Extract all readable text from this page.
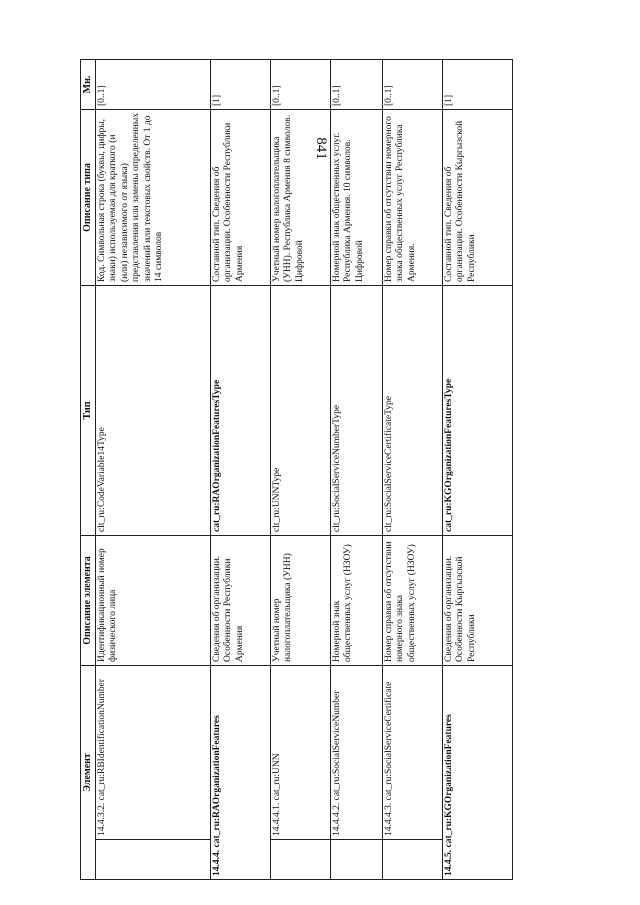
841
Элемент		Описание элемента	Тип	Описание типа	Мн.
	14.4.3.2. cat_ru:RBIdentificationNumber	Идентификационный номер физического лица	clt_ru:CodeVariable14Type	Код. Символьная строка (буквы, цифры, знаки) используемая для краткого (и (или) независимого от языка) представления или замены определенных значений или текстовых свойств. От 1 до 14 символов	[0..1]
14.4.4. cat_ru:RAOrganizationFeatures		Сведения об организации. Особенности Республики Армения	cat_ru:RAOrganizationFeaturesType	Составной тип. Сведения об организации. Особенности Республики Армения	[1]
	14.4.4.1. cat_ru:UNN	Учетный номер налогоплательщика (УНН)	clt_ru:UNNType	Учетный номер налогоплательщика (УНН). Республика Армения 8 символов. Цифровой	[0..1]
	14.4.4.2. cat_ru:SocialServiceNumber	Номерной знак общественных услуг (НЗОУ)	clt_ru:SocialServiceNumberType	Номерной знак общественных услуг. Республика Армения. 10 символов. Цифровой	[0..1]
	14.4.4.3. cat_ru:SocialServiceCertificate	Номер справки об отсутствии номерного знака общественных услуг (НЗОУ)	clt_ru:SocialServiceCertificateType	Номер справки об отсутствии номерного знака общественных услуг Республика Армения.	[0..1]
14.4.5. cat_ru:KGOrganizationFeatures		Сведения об организации. Особенности Кыргызской Республики	cat_ru:KGOrganizationFeaturesType	Составной тип. Сведения об организации. Особенности Кыргызской Республики	[1]
